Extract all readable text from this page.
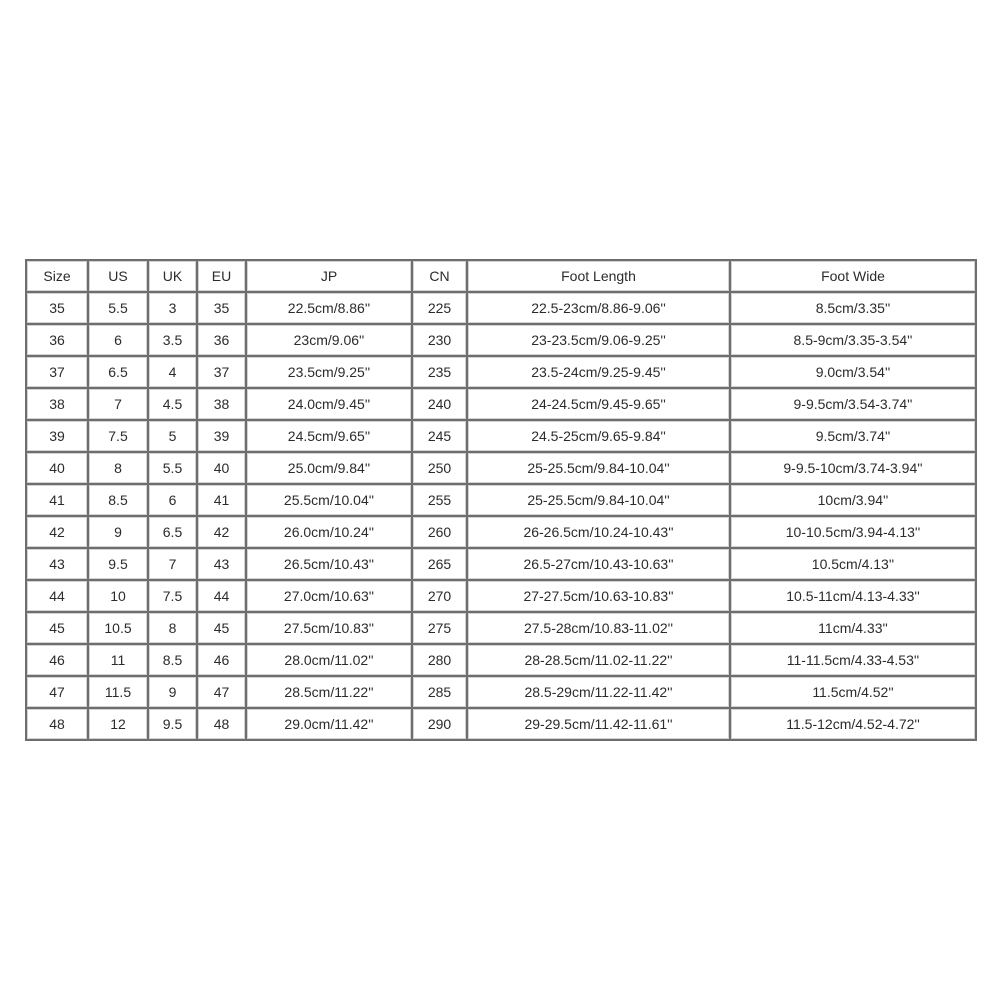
Size	US	UK	EU	JP	CN	Foot Length	Foot Wide
35	5.5	3	35	22.5cm/8.86''	225	22.5-23cm/8.86-9.06''	8.5cm/3.35''
36	6	3.5	36	23cm/9.06''	230	23-23.5cm/9.06-9.25''	8.5-9cm/3.35-3.54''
37	6.5	4	37	23.5cm/9.25''	235	23.5-24cm/9.25-9.45''	9.0cm/3.54''
38	7	4.5	38	24.0cm/9.45''	240	24-24.5cm/9.45-9.65''	9-9.5cm/3.54-3.74''
39	7.5	5	39	24.5cm/9.65''	245	24.5-25cm/9.65-9.84''	9.5cm/3.74''
40	8	5.5	40	25.0cm/9.84''	250	25-25.5cm/9.84-10.04''	9-9.5-10cm/3.74-3.94''
41	8.5	6	41	25.5cm/10.04''	255	25-25.5cm/9.84-10.04''	10cm/3.94''
42	9	6.5	42	26.0cm/10.24''	260	26-26.5cm/10.24-10.43''	10-10.5cm/3.94-4.13''
43	9.5	7	43	26.5cm/10.43''	265	26.5-27cm/10.43-10.63''	10.5cm/4.13''
44	10	7.5	44	27.0cm/10.63''	270	27-27.5cm/10.63-10.83''	10.5-11cm/4.13-4.33''
45	10.5	8	45	27.5cm/10.83''	275	27.5-28cm/10.83-11.02''	11cm/4.33''
46	11	8.5	46	28.0cm/11.02''	280	28-28.5cm/11.02-11.22''	11-11.5cm/4.33-4.53''
47	11.5	9	47	28.5cm/11.22''	285	28.5-29cm/11.22-11.42''	11.5cm/4.52''
48	12	9.5	48	29.0cm/11.42''	290	29-29.5cm/11.42-11.61''	11.5-12cm/4.52-4.72''
